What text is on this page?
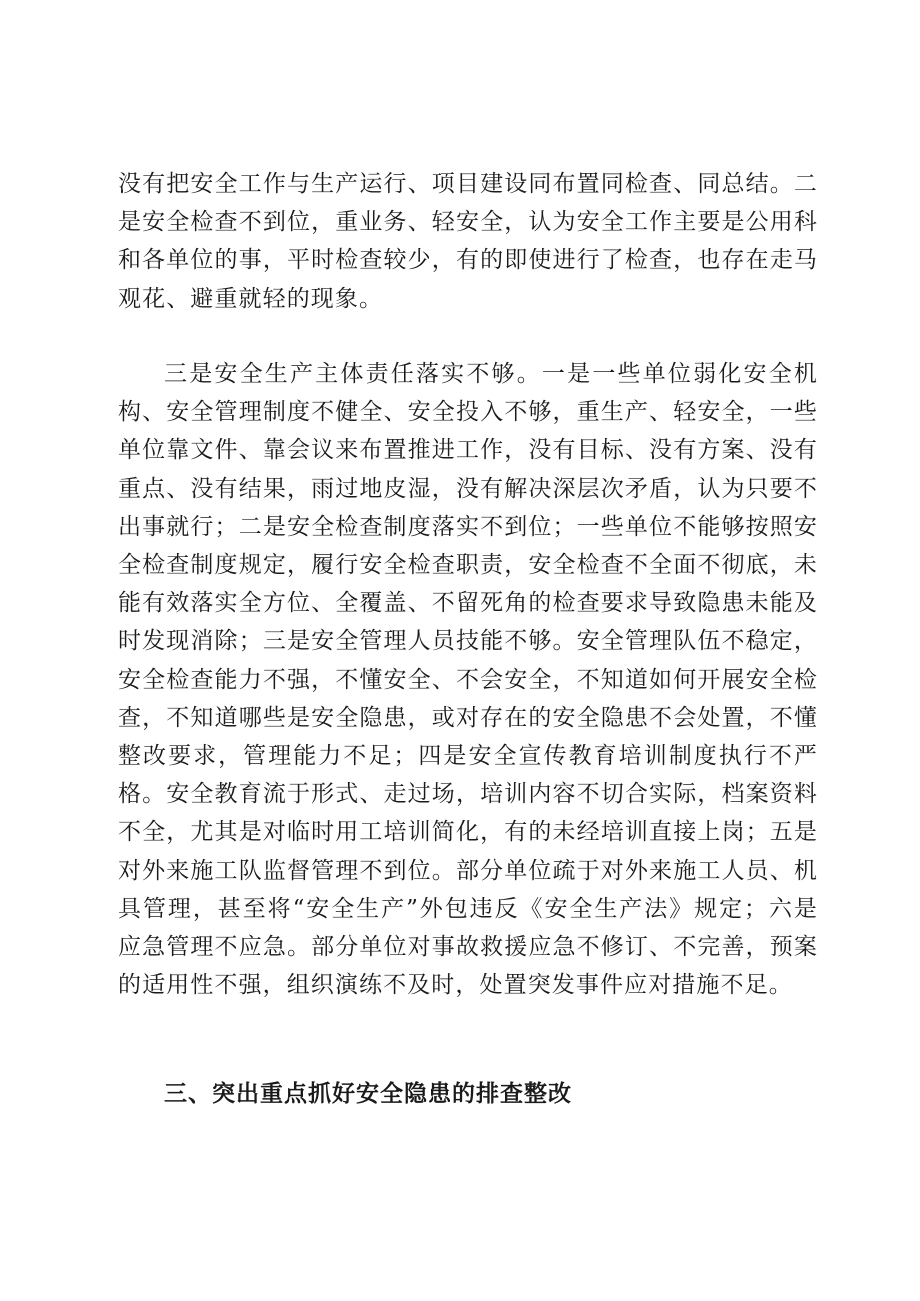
没有把安全工作与生产运行、项目建设同布置同检查、同总结。二是安全检查不到位，重业务、轻安全，认为安全工作主要是公用科和各单位的事，平时检查较少，有的即使进行了检查，也存在走马观花、避重就轻的现象。

三是安全生产主体责任落实不够。一是一些单位弱化安全机构、安全管理制度不健全、安全投入不够，重生产、轻安全，一些单位靠文件、靠会议来布置推进工作，没有目标、没有方案、没有重点、没有结果，雨过地皮湿，没有解决深层次矛盾，认为只要不出事就行；二是安全检查制度落实不到位；一些单位不能够按照安全检查制度规定，履行安全检查职责，安全检查不全面不彻底，未能有效落实全方位、全覆盖、不留死角的检查要求导致隐患未能及时发现消除；三是安全管理人员技能不够。安全管理队伍不稳定，安全检查能力不强，不懂安全、不会安全，不知道如何开展安全检查，不知道哪些是安全隐患，或对存在的安全隐患不会处置，不懂整改要求，管理能力不足；四是安全宣传教育培训制度执行不严格。安全教育流于形式、走过场，培训内容不切合实际，档案资料不全，尤其是对临时用工培训简化，有的未经培训直接上岗；五是对外来施工队监督管理不到位。部分单位疏于对外来施工人员、机具管理，甚至将“安全生产”外包违反《安全生产法》规定；六是应急管理不应急。部分单位对事故救援应急不修订、不完善，预案的适用性不强，组织演练不及时，处置突发事件应对措施不足。

三、突出重点抓好安全隐患的排查整改
